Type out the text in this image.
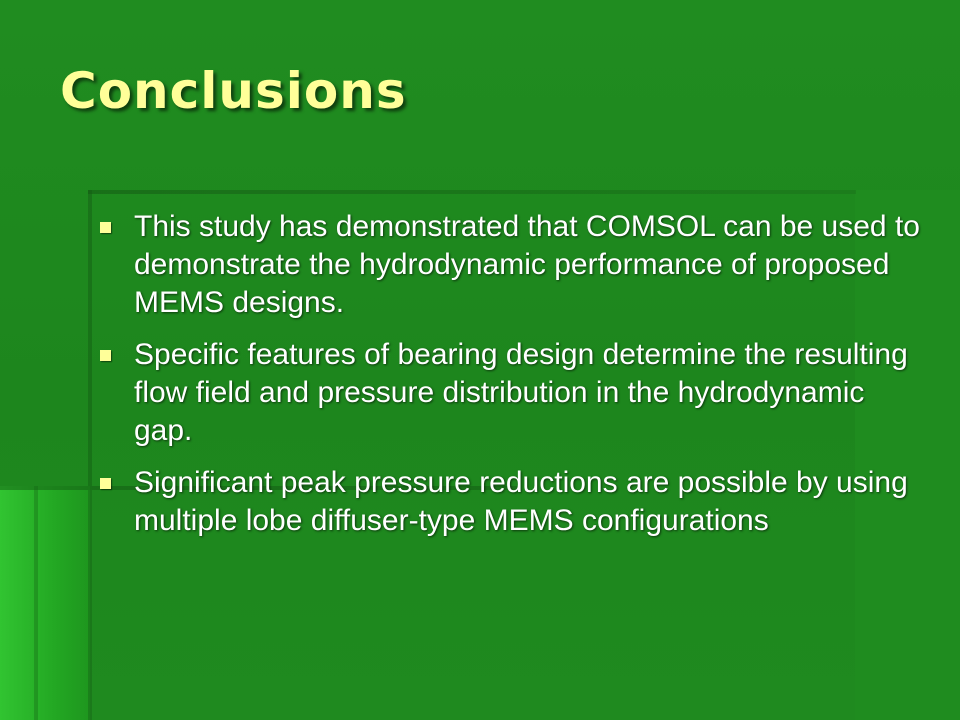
Conclusions
This study has demonstrated that COMSOL can be used to demonstrate the hydrodynamic performance of proposed MEMS designs.
Specific features of bearing design determine the resulting flow field and pressure distribution in the hydrodynamic gap.
Significant peak pressure reductions are possible by using multiple lobe diffuser-type MEMS configurations
